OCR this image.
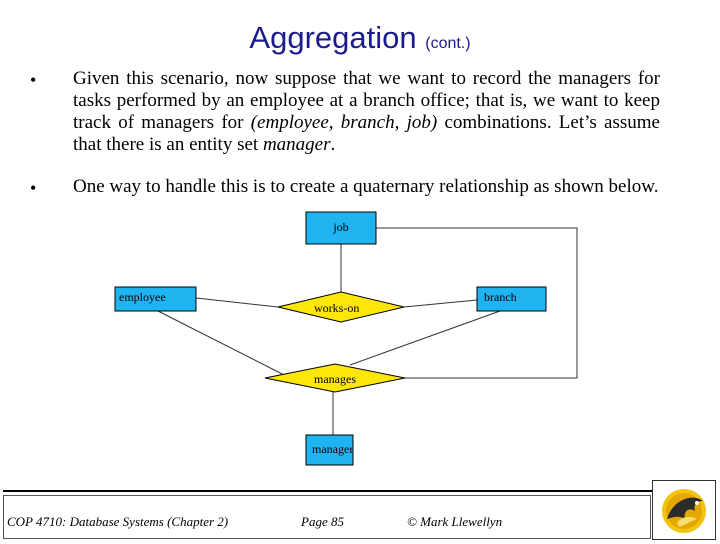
Aggregation (cont.)
• Given this scenario, now suppose that we want to record the managers for tasks performed by an employee at a branch office; that is, we want to keep track of managers for (employee, branch, job) combinations. Let’s assume that there is an entity set manager.
• One way to handle this is to create a quaternary relationship as shown below.
job
employee	branch
works-on
manages
manager
COP 4710: Database Systems (Chapter 2)	Page 85	© Mark Llewellyn
